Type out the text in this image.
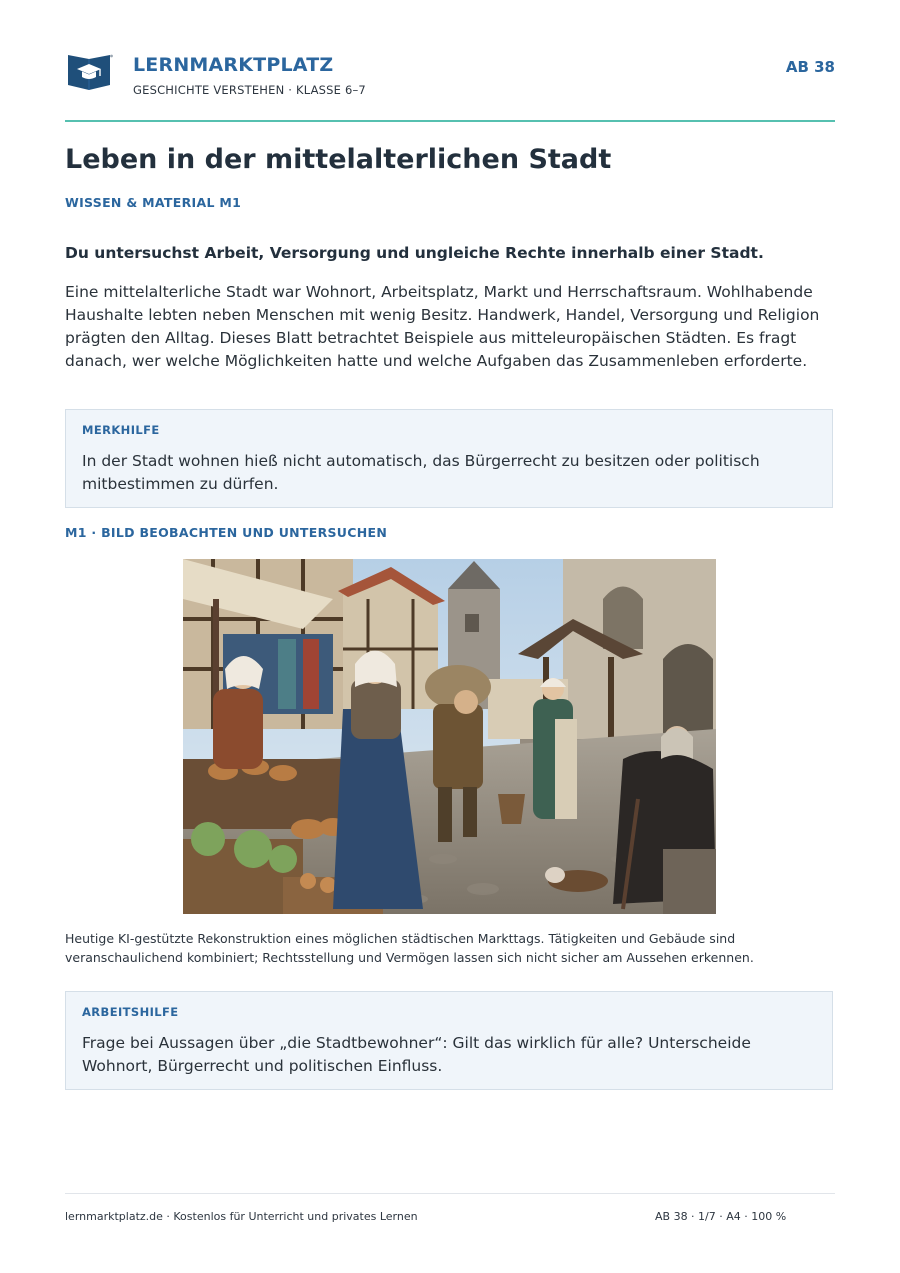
LERNMARKTPLATZ
GESCHICHTE VERSTEHEN · KLASSE 6–7
AB 38
Leben in der mittelalterlichen Stadt
WISSEN & MATERIAL M1
Du untersuchst Arbeit, Versorgung und ungleiche Rechte innerhalb einer Stadt.

Eine mittelalterliche Stadt war Wohnort, Arbeitsplatz, Markt und Herrschaftsraum. Wohlhabende Haushalte lebten neben Menschen mit wenig Besitz. Handwerk, Handel, Versorgung und Religion prägten den Alltag. Dieses Blatt betrachtet Beispiele aus mitteleuropäischen Städten. Es fragt danach, wer welche Möglichkeiten hatte und welche Aufgaben das Zusammenleben erforderte.

MERKHILFE

In der Stadt wohnen hieß nicht automatisch, das Bürgerrecht zu besitzen oder politisch mitbestimmen zu dürfen.

M1 · BILD BEOBACHTEN UND UNTERSUCHEN

Heutige KI-gestützte Rekonstruktion eines möglichen städtischen Markttags. Tätigkeiten und Gebäude sind veranschaulichend kombiniert; Rechtsstellung und Vermögen lassen sich nicht sicher am Aussehen erkennen.

ARBEITSHILFE

Frage bei Aussagen über „die Stadtbewohner“: Gilt das wirklich für alle? Unterscheide Wohnort, Bürgerrecht und politischen Einfluss.

lernmarktplatz.de · Kostenlos für Unterricht und privates Lernen	AB 38 · 1/7 · A4 · 100 %
